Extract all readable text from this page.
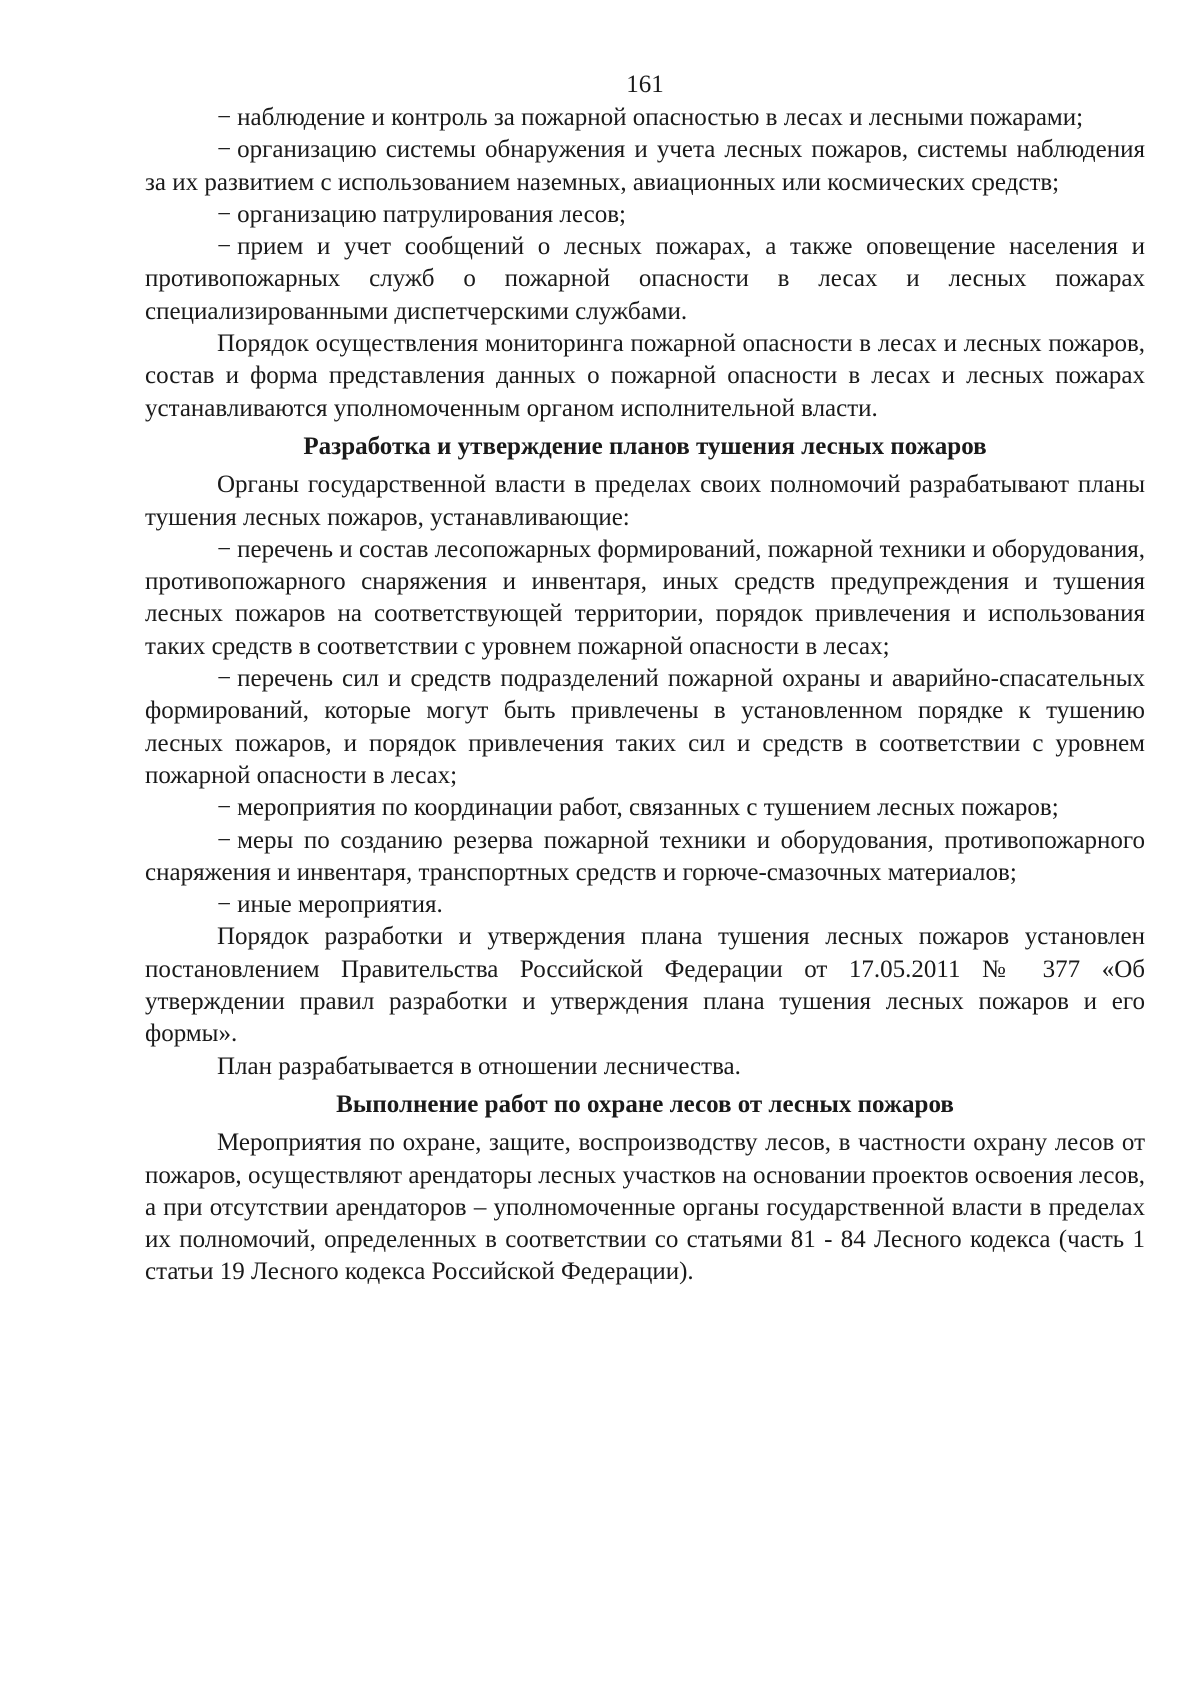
161

− наблюдение и контроль за пожарной опасностью в лесах и лесными пожарами;

− организацию системы обнаружения и учета лесных пожаров, системы наблюдения за их развитием с использованием наземных, авиационных или космических средств;

− организацию патрулирования лесов;

− прием и учет сообщений о лесных пожарах, а также оповещение населения и противопожарных служб о пожарной опасности в лесах и лесных пожарах специализированными диспетчерскими службами.

Порядок осуществления мониторинга пожарной опасности в лесах и лесных пожаров, состав и форма представления данных о пожарной опасности в лесах и лесных пожарах устанавливаются уполномоченным органом исполнительной власти.

Разработка и утверждение планов тушения лесных пожаров

Органы государственной власти в пределах своих полномочий разрабатывают планы тушения лесных пожаров, устанавливающие:

− перечень и состав лесопожарных формирований, пожарной техники и оборудования, противопожарного снаряжения и инвентаря, иных средств предупреждения и тушения лесных пожаров на соответствующей территории, порядок привлечения и использования таких средств в соответствии с уровнем пожарной опасности в лесах;

− перечень сил и средств подразделений пожарной охраны и аварийно-спасательных формирований, которые могут быть привлечены в установленном порядке к тушению лесных пожаров, и порядок привлечения таких сил и средств в соответствии с уровнем пожарной опасности в лесах;

− мероприятия по координации работ, связанных с тушением лесных пожаров;

− меры по созданию резерва пожарной техники и оборудования, противопожарного снаряжения и инвентаря, транспортных средств и горюче-смазочных материалов;

− иные мероприятия.

Порядок разработки и утверждения плана тушения лесных пожаров установлен постановлением Правительства Российской Федерации от 17.05.2011 № 377 «Об утверждении правил разработки и утверждения плана тушения лесных пожаров и его формы».

План разрабатывается в отношении лесничества.

Выполнение работ по охране лесов от лесных пожаров

Мероприятия по охране, защите, воспроизводству лесов, в частности охрану лесов от пожаров, осуществляют арендаторы лесных участков на основании проектов освоения лесов, а при отсутствии арендаторов – уполномоченные органы государственной власти в пределах их полномочий, определенных в соответствии со статьями 81 - 84 Лесного кодекса (часть 1 статьи 19 Лесного кодекса Российской Федерации).
